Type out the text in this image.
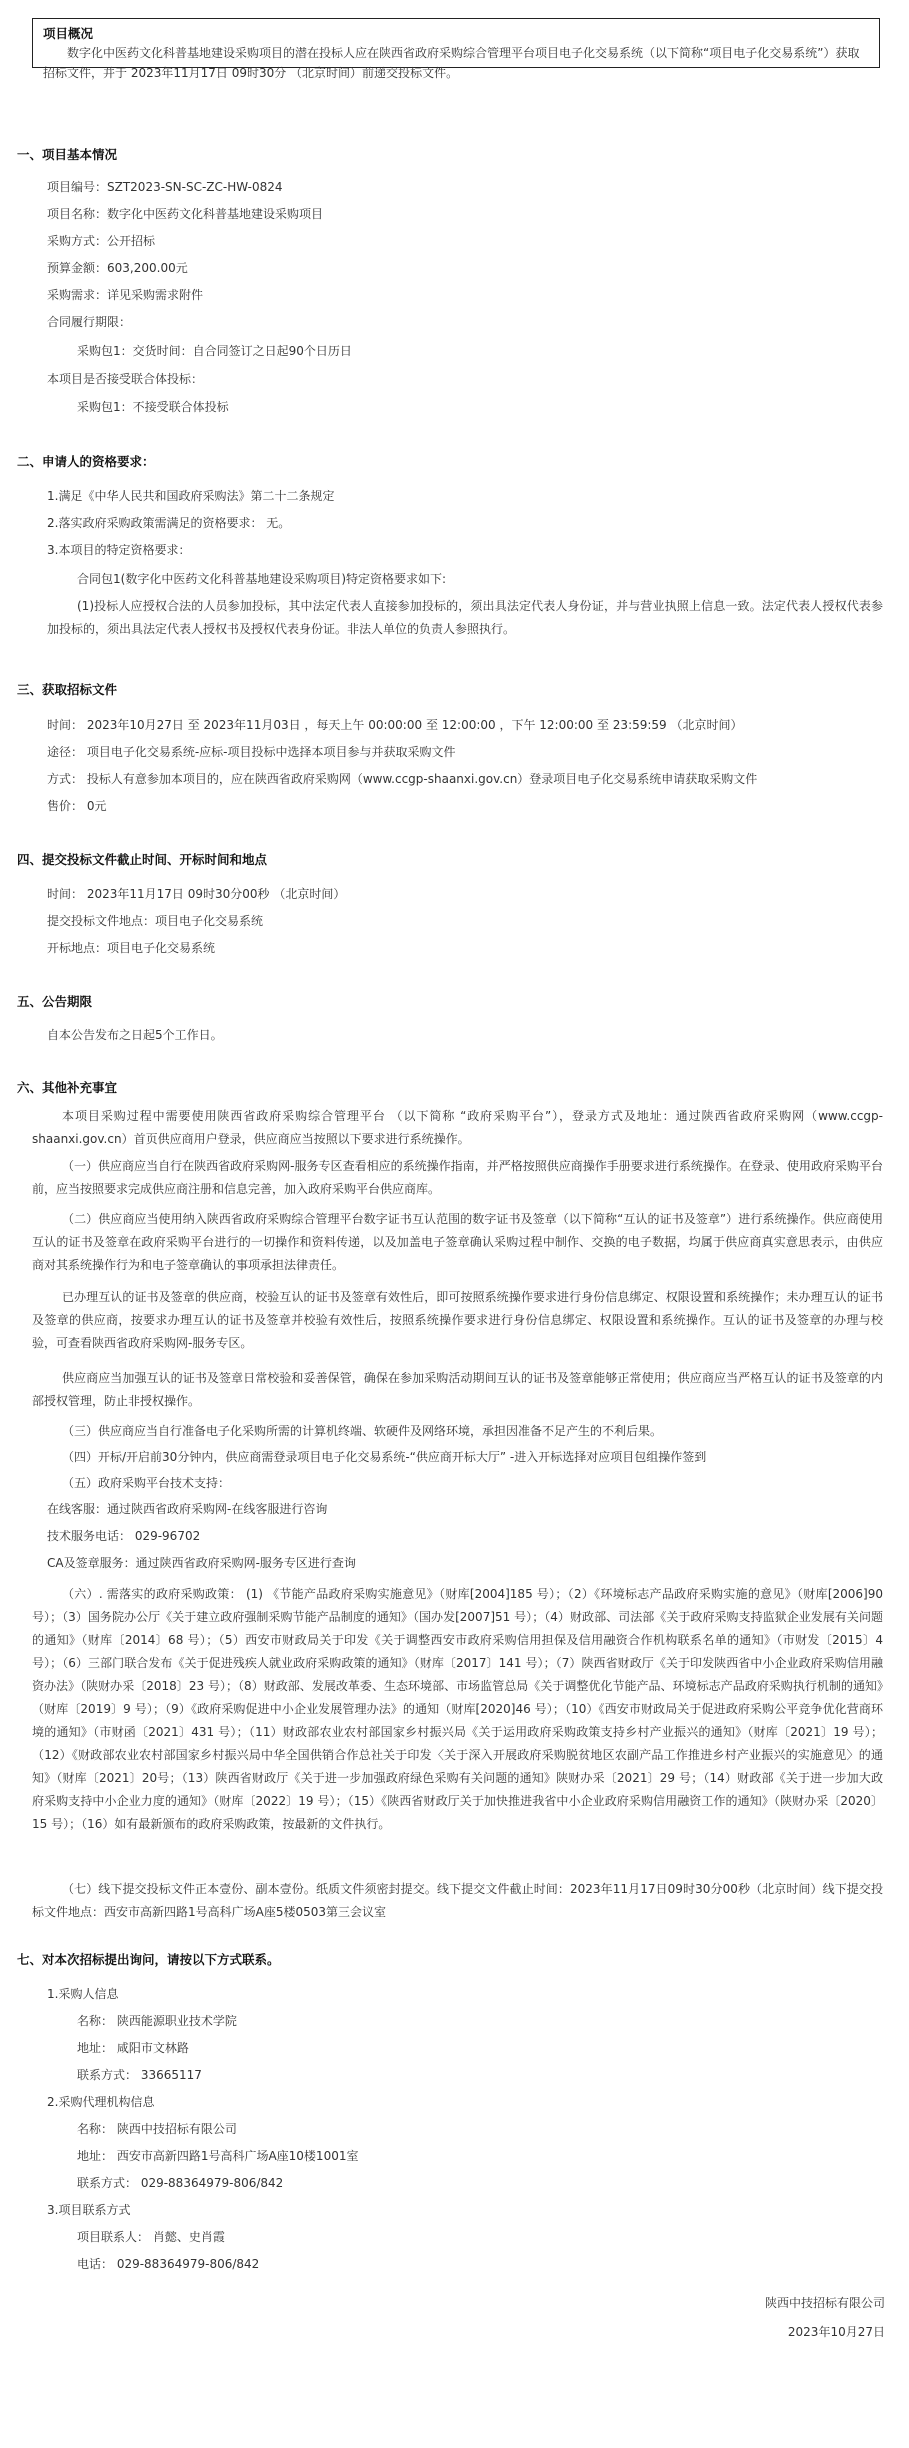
项目概况
数字化中医药文化科普基地建设采购项目的潜在投标人应在陕西省政府采购综合管理平台项目电子化交易系统（以下简称“项目电子化交易系统”）获取招标文件，并于 2023年11月17日 09时30分 （北京时间）前递交投标文件。
一、项目基本情况
项目编号：SZT2023-SN-SC-ZC-HW-0824
项目名称：数字化中医药文化科普基地建设采购项目
采购方式：公开招标
预算金额：603,200.00元
采购需求：详见采购需求附件
合同履行期限：
采购包1：交货时间：自合同签订之日起90个日历日
本项目是否接受联合体投标：
采购包1：不接受联合体投标
二、申请人的资格要求：
1.满足《中华人民共和国政府采购法》第二十二条规定
2.落实政府采购政策需满足的资格要求： 无。
3.本项目的特定资格要求：
合同包1(数字化中医药文化科普基地建设采购项目)特定资格要求如下:
(1)投标人应授权合法的人员参加投标，其中法定代表人直接参加投标的，须出具法定代表人身份证，并与营业执照上信息一致。法定代表人授权代表参加投标的，须出具法定代表人授权书及授权代表身份证。非法人单位的负责人参照执行。
三、获取招标文件
时间： 2023年10月27日 至 2023年11月03日 ，每天上午 00:00:00 至 12:00:00 ，下午 12:00:00 至 23:59:59 （北京时间）
途径： 项目电子化交易系统-应标-项目投标中选择本项目参与并获取采购文件
方式： 投标人有意参加本项目的，应在陕西省政府采购网（www.ccgp-shaanxi.gov.cn）登录项目电子化交易系统申请获取采购文件
售价： 0元
四、提交投标文件截止时间、开标时间和地点
时间： 2023年11月17日 09时30分00秒 （北京时间）
提交投标文件地点：项目电子化交易系统
开标地点：项目电子化交易系统
五、公告期限
自本公告发布之日起5个工作日。
六、其他补充事宜
本项目采购过程中需要使用陕西省政府采购综合管理平台 （以下简称 “政府采购平台”），登录方式及地址：通过陕西省政府采购网（www.ccgp-shaanxi.gov.cn）首页供应商用户登录，供应商应当按照以下要求进行系统操作。
（一）供应商应当自行在陕西省政府采购网-服务专区查看相应的系统操作指南，并严格按照供应商操作手册要求进行系统操作。在登录、使用政府采购平台前，应当按照要求完成供应商注册和信息完善，加入政府采购平台供应商库。
（二）供应商应当使用纳入陕西省政府采购综合管理平台数字证书互认范围的数字证书及签章（以下简称“互认的证书及签章”）进行系统操作。供应商使用互认的证书及签章在政府采购平台进行的一切操作和资料传递，以及加盖电子签章确认采购过程中制作、交换的电子数据，均属于供应商真实意思表示，由供应商对其系统操作行为和电子签章确认的事项承担法律责任。
已办理互认的证书及签章的供应商，校验互认的证书及签章有效性后，即可按照系统操作要求进行身份信息绑定、权限设置和系统操作；未办理互认的证书及签章的供应商，按要求办理互认的证书及签章并校验有效性后，按照系统操作要求进行身份信息绑定、权限设置和系统操作。互认的证书及签章的办理与校验，可查看陕西省政府采购网-服务专区。
供应商应当加强互认的证书及签章日常校验和妥善保管，确保在参加采购活动期间互认的证书及签章能够正常使用；供应商应当严格互认的证书及签章的内部授权管理，防止非授权操作。
（三）供应商应当自行准备电子化采购所需的计算机终端、软硬件及网络环境，承担因准备不足产生的不利后果。
（四）开标/开启前30分钟内，供应商需登录项目电子化交易系统-“供应商开标大厅” -进入开标选择对应项目包组操作签到
（五）政府采购平台技术支持：
在线客服：通过陕西省政府采购网-在线客服进行咨询
技术服务电话： 029-96702
CA及签章服务：通过陕西省政府采购网-服务专区进行查询
（六）. 需落实的政府采购政策： (1) 《节能产品政府采购实施意见》（财库[2004]185 号）；（2）《环境标志产品政府采购实施的意见》（财库[2006]90 号）；（3）国务院办公厅《关于建立政府强制采购节能产品制度的通知》（国办发[2007]51 号）；（4）财政部、司法部《关于政府采购支持监狱企业发展有关问题的通知》（财库〔2014〕68 号）；（5）西安市财政局关于印发《关于调整西安市政府采购信用担保及信用融资合作机构联系名单的通知》（市财发〔2015〕4 号）；（6）三部门联合发布《关于促进残疾人就业政府采购政策的通知》（财库〔2017〕141 号）；（7）陕西省财政厅《关于印发陕西省中小企业政府采购信用融资办法》（陕财办采〔2018〕23 号）；（8）财政部、发展改革委、生态环境部、市场监管总局《关于调整优化节能产品、环境标志产品政府采购执行机制的通知》（财库〔2019〕9 号）；（9）《政府采购促进中小企业发展管理办法》的通知（财库[2020]46 号）；（10）《西安市财政局关于促进政府采购公平竞争优化营商环境的通知》（市财函〔2021〕431 号）；（11）财政部农业农村部国家乡村振兴局《关于运用政府采购政策支持乡村产业振兴的通知》（财库〔2021〕19 号）；（12）《财政部农业农村部国家乡村振兴局中华全国供销合作总社关于印发〈关于深入开展政府采购脱贫地区农副产品工作推进乡村产业振兴的实施意见〉的通知》（财库〔2021〕20号；（13）陕西省财政厅《关于进一步加强政府绿色采购有关问题的通知》陕财办采〔2021〕29 号；（14）财政部《关于进一步加大政府采购支持中小企业力度的通知》（财库〔2022〕19 号）；（15）《陕西省财政厅关于加快推进我省中小企业政府采购信用融资工作的通知》（陕财办采〔2020〕15 号）；（16）如有最新颁布的政府采购政策，按最新的文件执行。
（七）线下提交投标文件正本壹份、副本壹份。纸质文件须密封提交。线下提交文件截止时间：2023年11月17日09时30分00秒（北京时间）线下提交投标文件地点：西安市高新四路1号高科广场A座5楼0503第三会议室
七、对本次招标提出询问，请按以下方式联系。
1.采购人信息
名称： 陕西能源职业技术学院
地址： 咸阳市文林路
联系方式： 33665117
2.采购代理机构信息
名称： 陕西中技招标有限公司
地址： 西安市高新四路1号高科广场A座10楼1001室
联系方式： 029-88364979-806/842
3.项目联系方式
项目联系人： 肖懿、史肖霞
电话： 029-88364979-806/842
陕西中技招标有限公司
2023年10月27日
